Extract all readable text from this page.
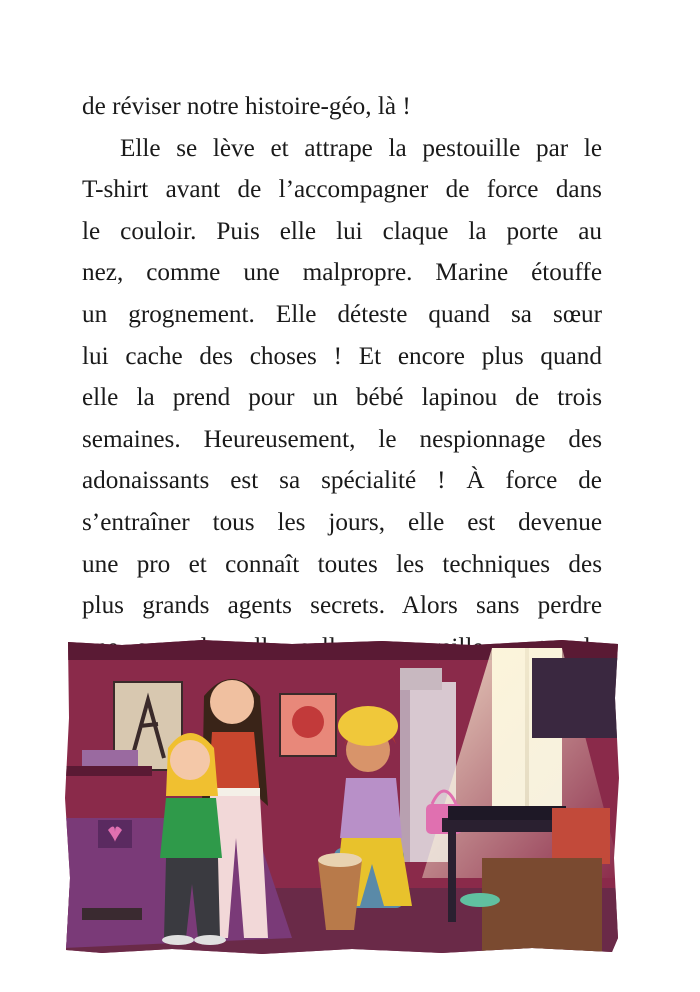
de réviser notre histoire-géo, là !
Elle se lève et attrape la pestouille par le
T-shirt avant de l’accompagner de force dans
le couloir. Puis elle lui claque la porte au
nez, comme une malpropre. Marine étouffe
un grognement. Elle déteste quand sa sœur
lui cache des choses ! Et encore plus quand
elle la prend pour un bébé lapinou de trois
semaines. Heureusement, le nespionnage des
adonaissants est sa spécialité ! À force de
s’entraîner tous les jours, elle est devenue
une pro et connaît toutes les techniques des
plus grands agents secrets. Alors sans perdre
